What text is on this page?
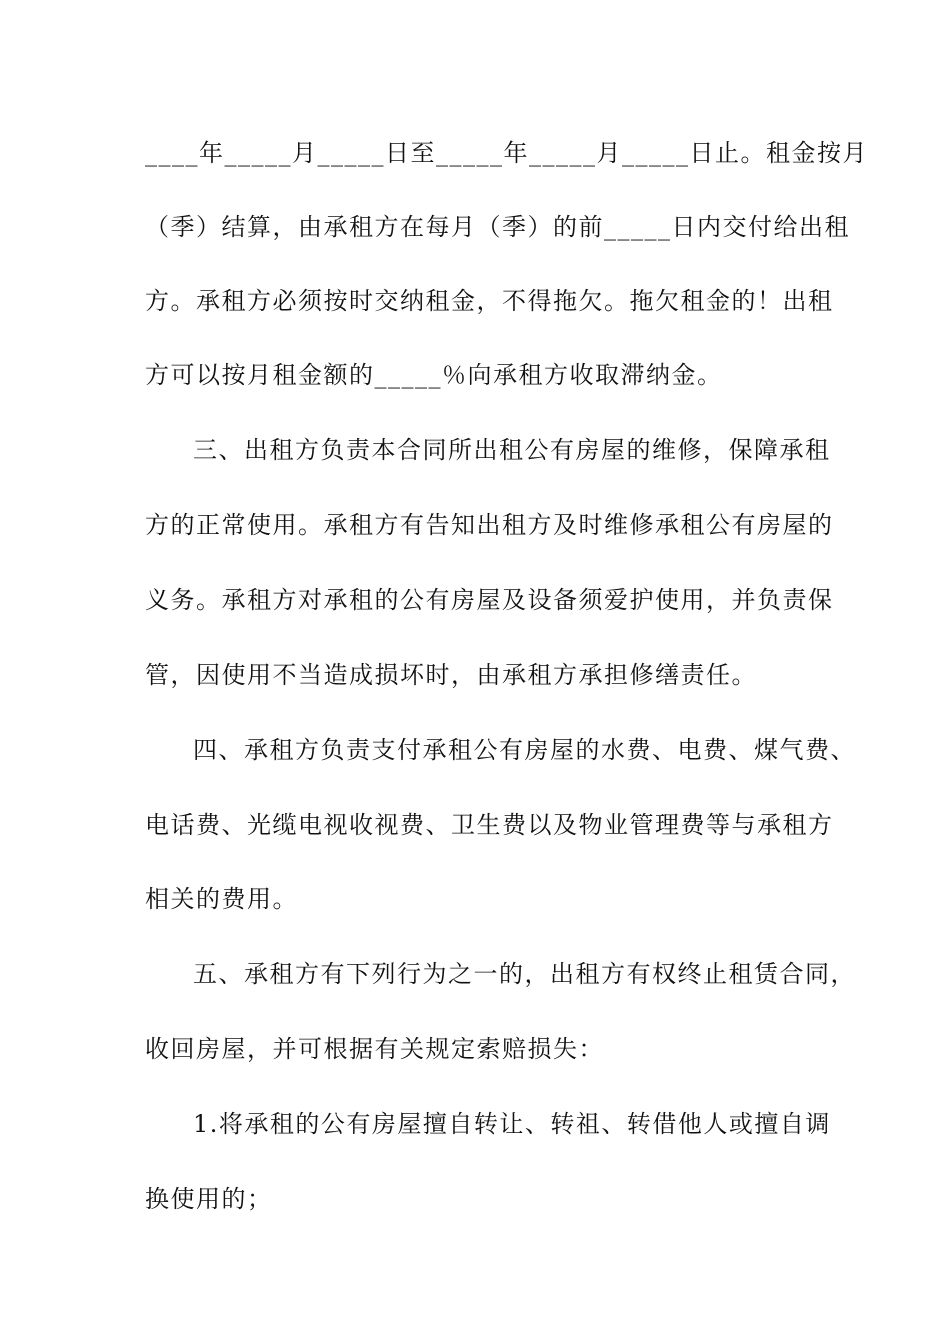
____年_____月_____日至_____年_____月_____日止。租金按月
（季）结算，由承租方在每月（季）的前_____日内交付给出租
方。承租方必须按时交纳租金，不得拖欠。拖欠租金的！出租
方可以按月租金额的_____％向承租方收取滞纳金。
三、出租方负责本合同所出租公有房屋的维修，保障承租
方的正常使用。承租方有告知出租方及时维修承租公有房屋的
义务。承租方对承租的公有房屋及设备须爱护使用，并负责保
管，因使用不当造成损坏时，由承租方承担修缮责任。
四、承租方负责支付承租公有房屋的水费、电费、煤气费、
电话费、光缆电视收视费、卫生费以及物业管理费等与承租方
相关的费用。
五、承租方有下列行为之一的，出租方有权终止租赁合同，
收回房屋，并可根据有关规定索赔损失：
1.将承租的公有房屋擅自转让、转祖、转借他人或擅自调
换使用的；
